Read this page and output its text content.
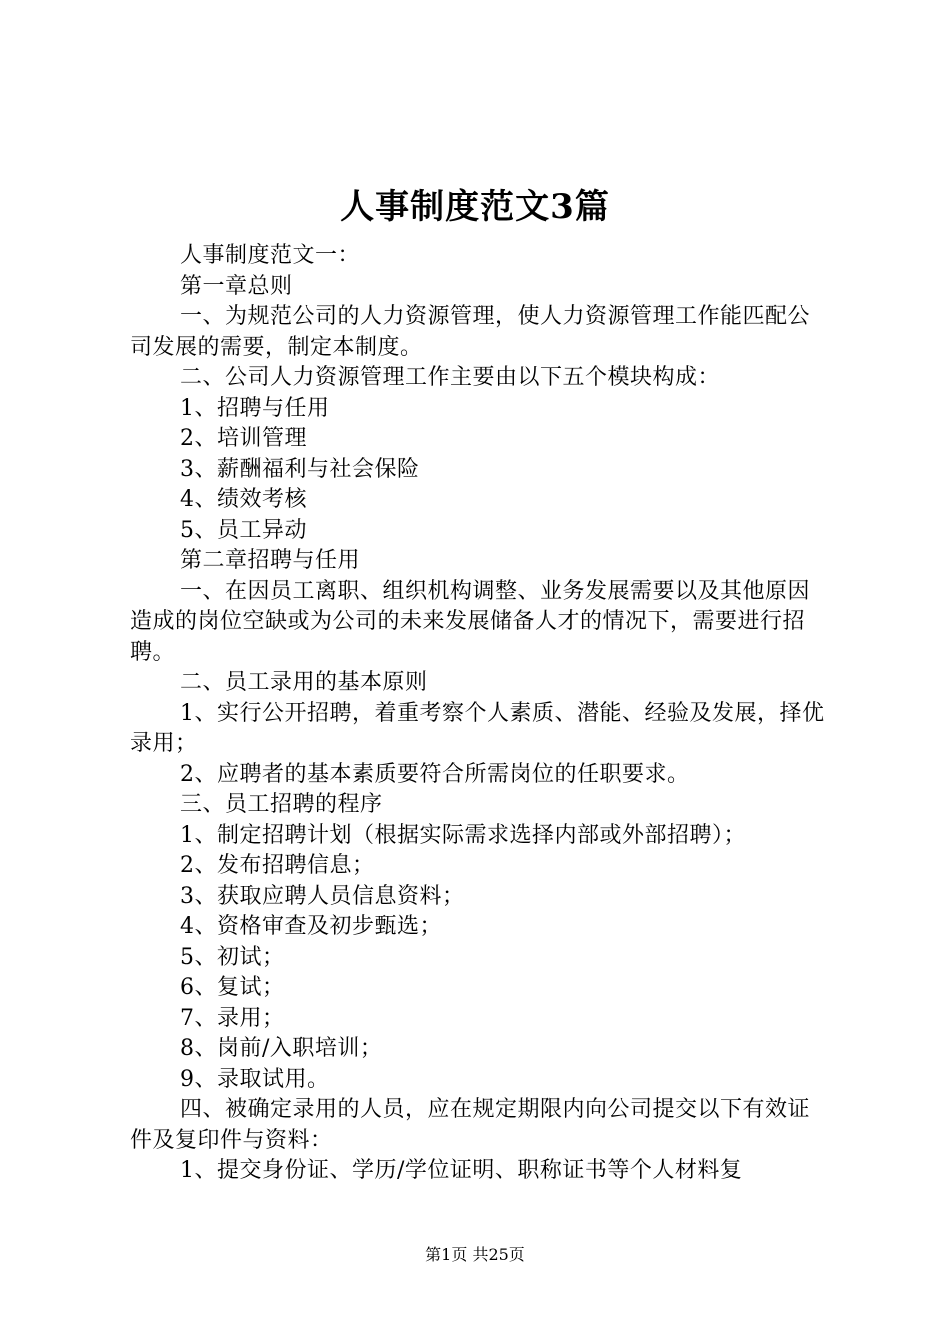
人事制度范文3篇

人事制度范文一：

第一章总则

一、为规范公司的人力资源管理，使人力资源管理工作能匹配公司发展的需要，制定本制度。

二、公司人力资源管理工作主要由以下五个模块构成：

1、招聘与任用

2、培训管理

3、薪酬福利与社会保险

4、绩效考核

5、员工异动

第二章招聘与任用

一、在因员工离职、组织机构调整、业务发展需要以及其他原因造成的岗位空缺或为公司的未来发展储备人才的情况下，需要进行招聘。

二、员工录用的基本原则

1、实行公开招聘，着重考察个人素质、潜能、经验及发展，择优录用；

2、应聘者的基本素质要符合所需岗位的任职要求。

三、员工招聘的程序

1、制定招聘计划（根据实际需求选择内部或外部招聘）；

2、发布招聘信息；

3、获取应聘人员信息资料；

4、资格审查及初步甄选；

5、初试；

6、复试；

7、录用；

8、岗前/入职培训；

9、录取试用。

四、被确定录用的人员，应在规定期限内向公司提交以下有效证件及复印件与资料：

1、提交身份证、学历/学位证明、职称证书等个人材料复

第1页 共25页
